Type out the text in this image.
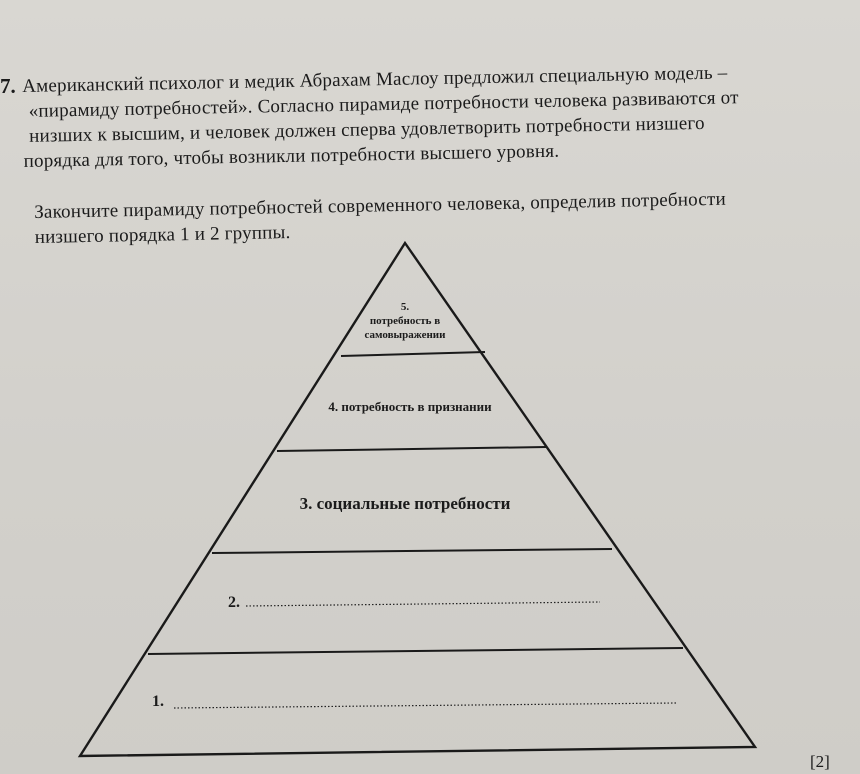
7. Американский психолог и медик Абрахам Маслоу предложил специальную модель –
«пирамиду потребностей». Согласно пирамиде потребности человека развиваются от
низших к высшим, и человек должен сперва удовлетворить потребности низшего
порядка для того, чтобы возникли потребности высшего уровня.
Закончите пирамиду потребностей современного человека, определив потребности
низшего порядка 1 и 2 группы.
5.
потребность в
самовыражении
4. потребность в признании
3. социальные потребности
2.
1.
[2]
